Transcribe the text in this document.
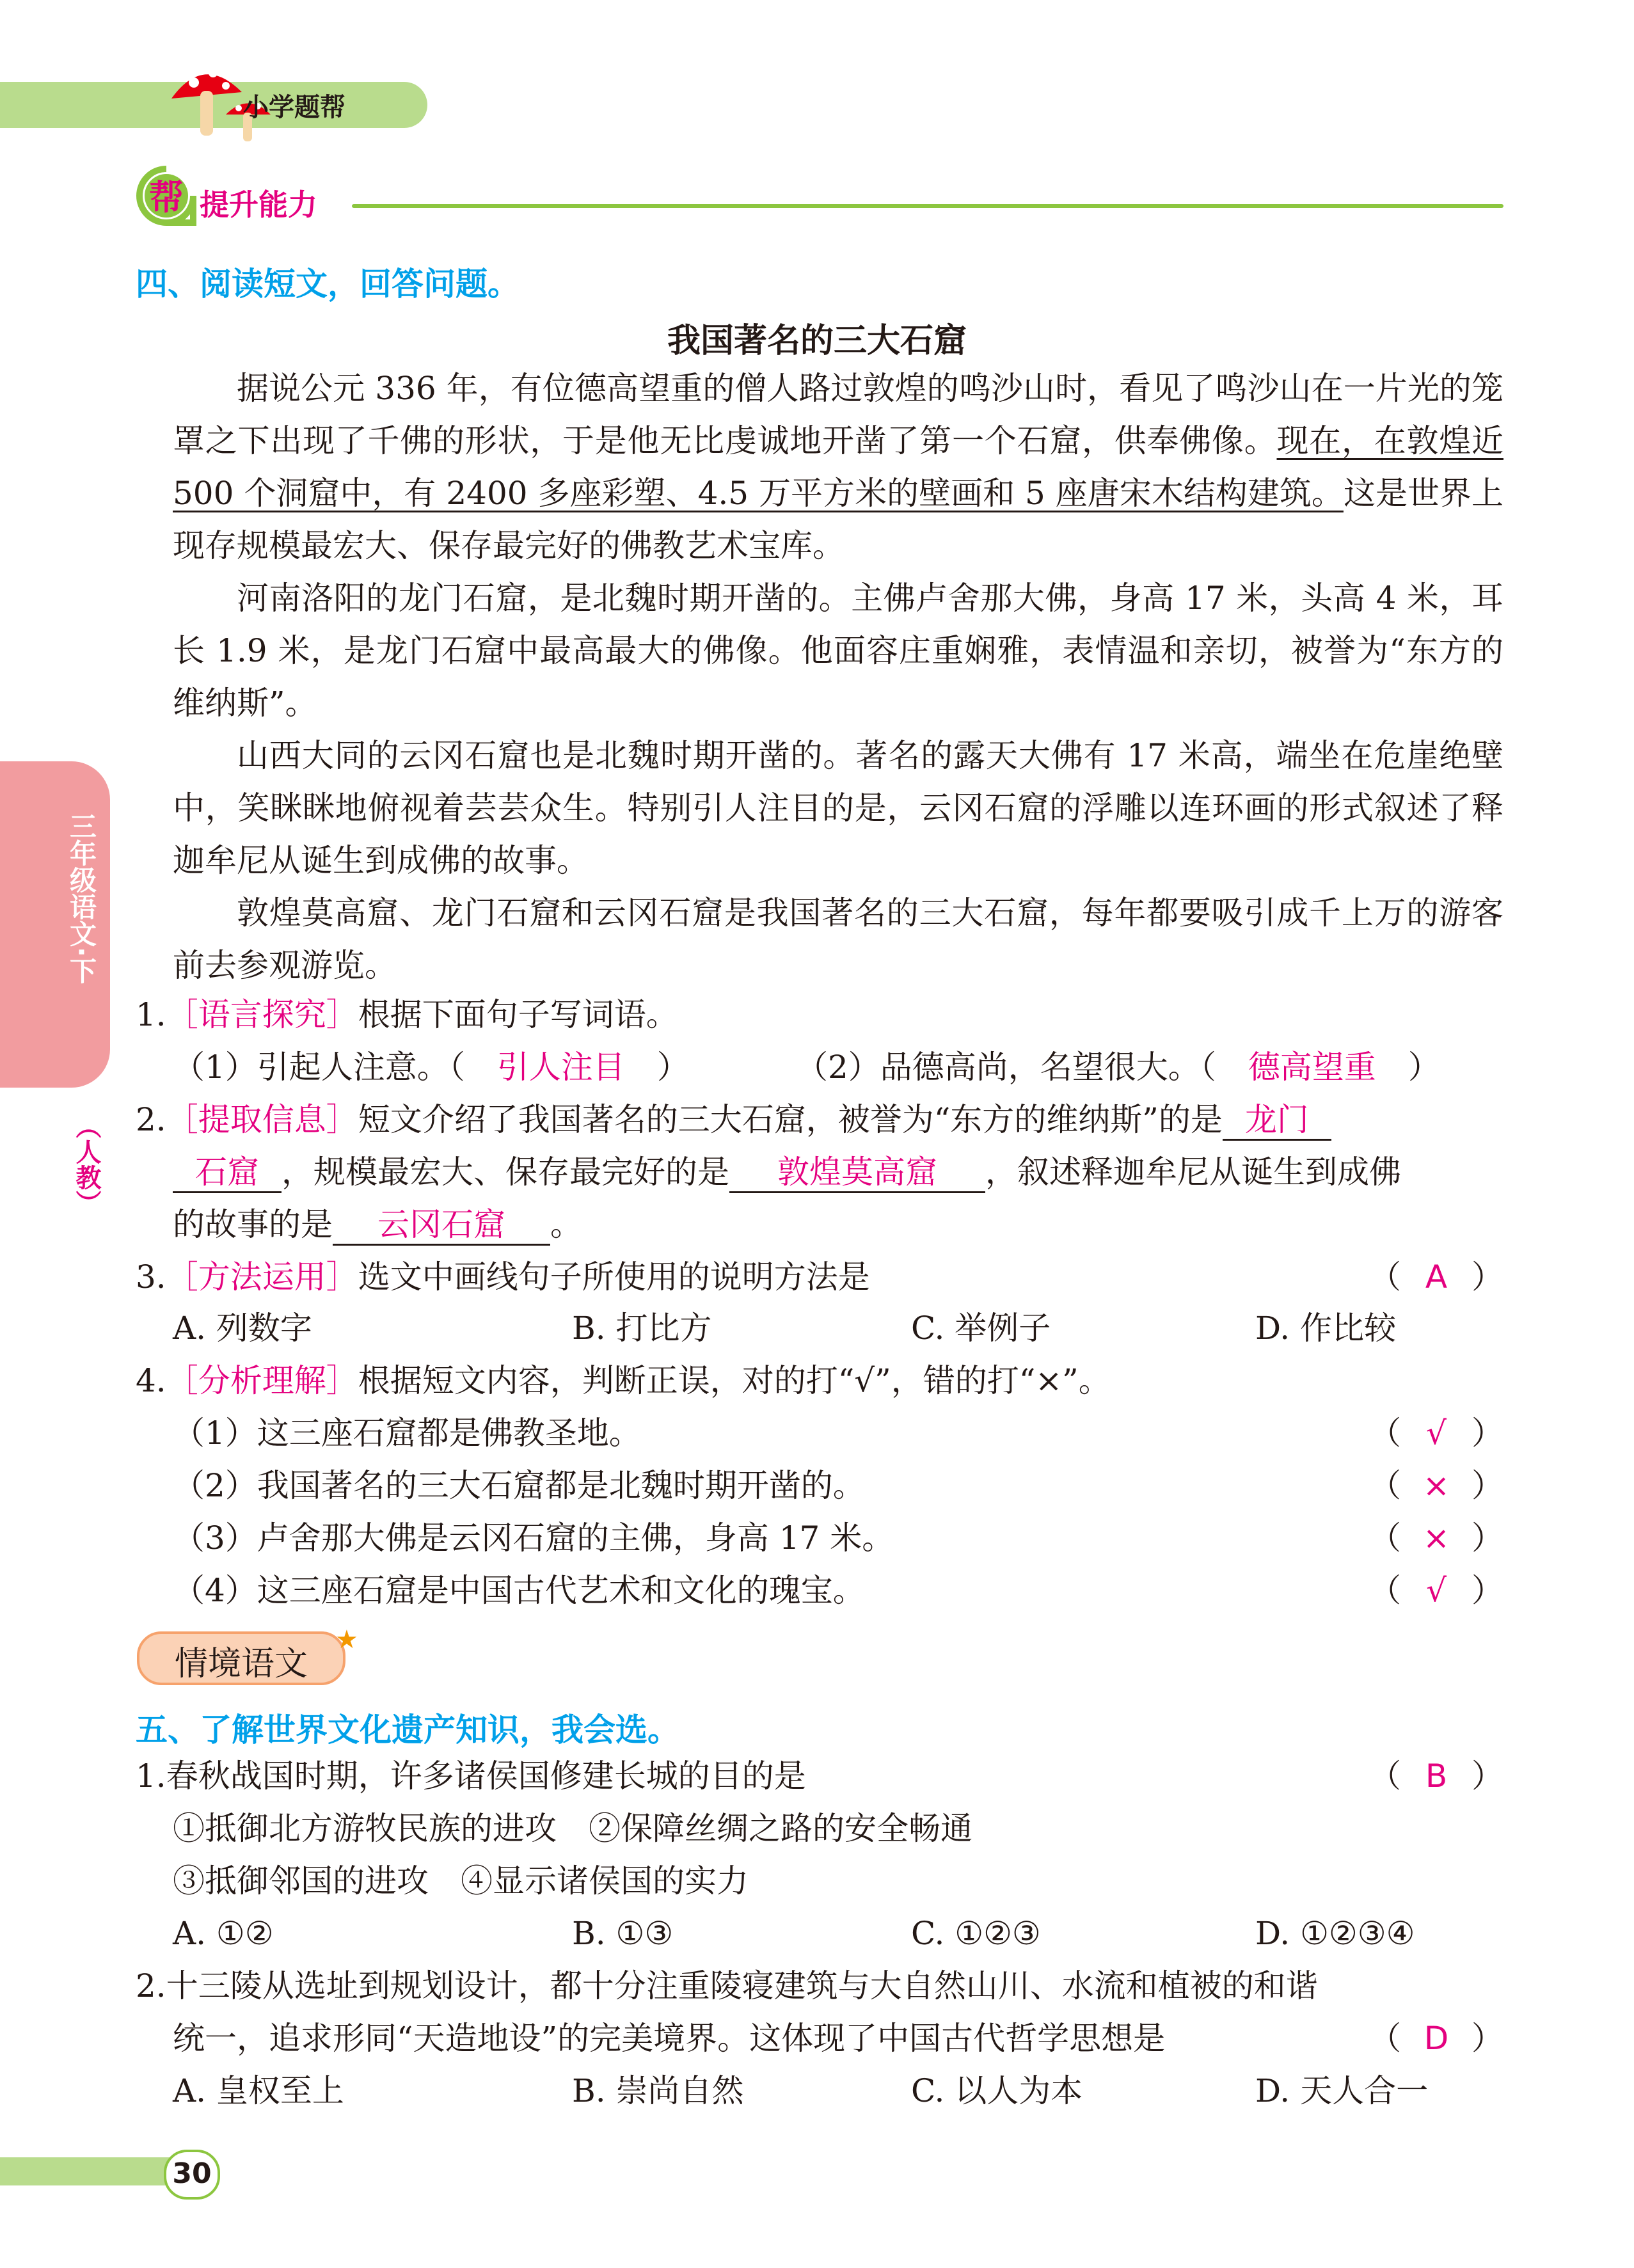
小学题帮
帮 提升能力
三年级语文·下
（人教）
四、阅读短文，回答问题。
我国著名的三大石窟

据说公元 336 年，有位德高望重的僧人路过敦煌的鸣沙山时，看见了鸣沙山在一片光的笼罩之下出现了千佛的形状，于是他无比虔诚地开凿了第一个石窟，供奉佛像。现在，在敦煌近 500 个洞窟中，有 2400 多座彩塑、4.5 万平方米的壁画和 5 座唐宋木结构建筑。这是世界上现存规模最宏大、保存最完好的佛教艺术宝库。

河南洛阳的龙门石窟，是北魏时期开凿的。主佛卢舍那大佛，身高 17 米，头高 4 米，耳长 1.9 米，是龙门石窟中最高最大的佛像。他面容庄重娴雅，表情温和亲切，被誉为“东方的维纳斯”。

山西大同的云冈石窟也是北魏时期开凿的。著名的露天大佛有 17 米高，端坐在危崖绝壁中，笑眯眯地俯视着芸芸众生。特别引人注目的是，云冈石窟的浮雕以连环画的形式叙述了释迦牟尼从诞生到成佛的故事。

敦煌莫高窟、龙门石窟和云冈石窟是我国著名的三大石窟，每年都要吸引成千上万的游客前去参观游览。

1.［语言探究］根据下面句子写词语。
（1）引起人注意。（ 引人注目 ）	（2）品德高尚，名望很大。（ 德高望重 ）
2.［提取信息］短文介绍了我国著名的三大石窟，被誉为“东方的维纳斯”的是 龙门
石窟 ，规模最宏大、保存最完好的是 敦煌莫高窟 ，叙述释迦牟尼从诞生到成佛
的故事的是 云冈石窟 。
3.［方法运用］选文中画线句子所使用的说明方法是	（ A ）
A. 列数字	B. 打比方	C. 举例子	D. 作比较
4.［分析理解］根据短文内容，判断正误，对的打“√”，错的打“×”。
（1）这三座石窟都是佛教圣地。	（ √ ）
（2）我国著名的三大石窟都是北魏时期开凿的。	（ × ）
（3）卢舍那大佛是云冈石窟的主佛，身高 17 米。	（ × ）
（4）这三座石窟是中国古代艺术和文化的瑰宝。	（ √ ）
情境语文
★
五、了解世界文化遗产知识，我会选。
1.春秋战国时期，许多诸侯国修建长城的目的是	（ B ）
①抵御北方游牧民族的进攻　②保障丝绸之路的安全畅通
③抵御邻国的进攻　④显示诸侯国的实力
A. ①②	B. ①③	C. ①②③	D. ①②③④
2.十三陵从选址到规划设计，都十分注重陵寝建筑与大自然山川、水流和植被的和谐
统一，追求形同“天造地设”的完美境界。这体现了中国古代哲学思想是	（ D ）
A. 皇权至上	B. 崇尚自然	C. 以人为本	D. 天人合一
30
